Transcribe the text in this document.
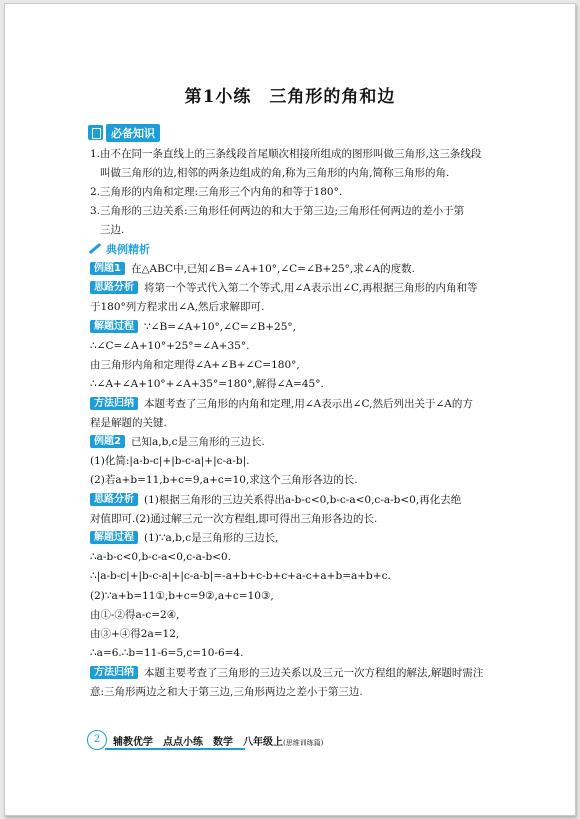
第1小练　三角形的角和边
必备知识
1.由不在同一条直线上的三条线段首尾顺次相接所组成的图形叫做三角形,这三条线段
叫做三角形的边,相邻的两条边组成的角,称为三角形的内角,简称三角形的角.
2.三角形的内角和定理:三角形三个内角的和等于180°.
3.三角形的三边关系:三角形任何两边的和大于第三边;三角形任何两边的差小于第
三边.
典例精析
例题1 在△ABC中,已知∠B=∠A+10°,∠C=∠B+25°,求∠A的度数.
思路分析 将第一个等式代入第二个等式,用∠A表示出∠C,再根据三角形的内角和等
于180°列方程求出∠A,然后求解即可.
解题过程 ∵∠B=∠A+10°,∠C=∠B+25°,
∴∠C=∠A+10°+25°=∠A+35°.
由三角形内角和定理得∠A+∠B+∠C=180°,
∴∠A+∠A+10°+∠A+35°=180°,解得∠A=45°.
方法归纳 本题考查了三角形的内角和定理,用∠A表示出∠C,然后列出关于∠A的方
程是解题的关键.
例题2 已知a,b,c是三角形的三边长.
(1)化简:|a-b-c|+|b-c-a|+|c-a-b|.
(2)若a+b=11,b+c=9,a+c=10,求这个三角形各边的长.
思路分析 (1)根据三角形的三边关系得出a-b-c<0,b-c-a<0,c-a-b<0,再化去绝
对值即可.(2)通过解三元一次方程组,即可得出三角形各边的长.
解题过程 (1)∵a,b,c是三角形的三边长,
∴a-b-c<0,b-c-a<0,c-a-b<0.
∴|a-b-c|+|b-c-a|+|c-a-b|=-a+b+c-b+c+a-c+a+b=a+b+c.
(2)∵a+b=11①,b+c=9②,a+c=10③,
由①-②得a-c=2④,
由③+④得2a=12,
∴a=6.∴b=11-6=5,c=10-6=4.
方法归纳 本题主要考查了三角形的三边关系以及三元一次方程组的解法,解题时需注
意:三角形两边之和大于第三边,三角形两边之差小于第三边.
2	辅教优学　点点小练　数学　八年级上(思维训练篇)
